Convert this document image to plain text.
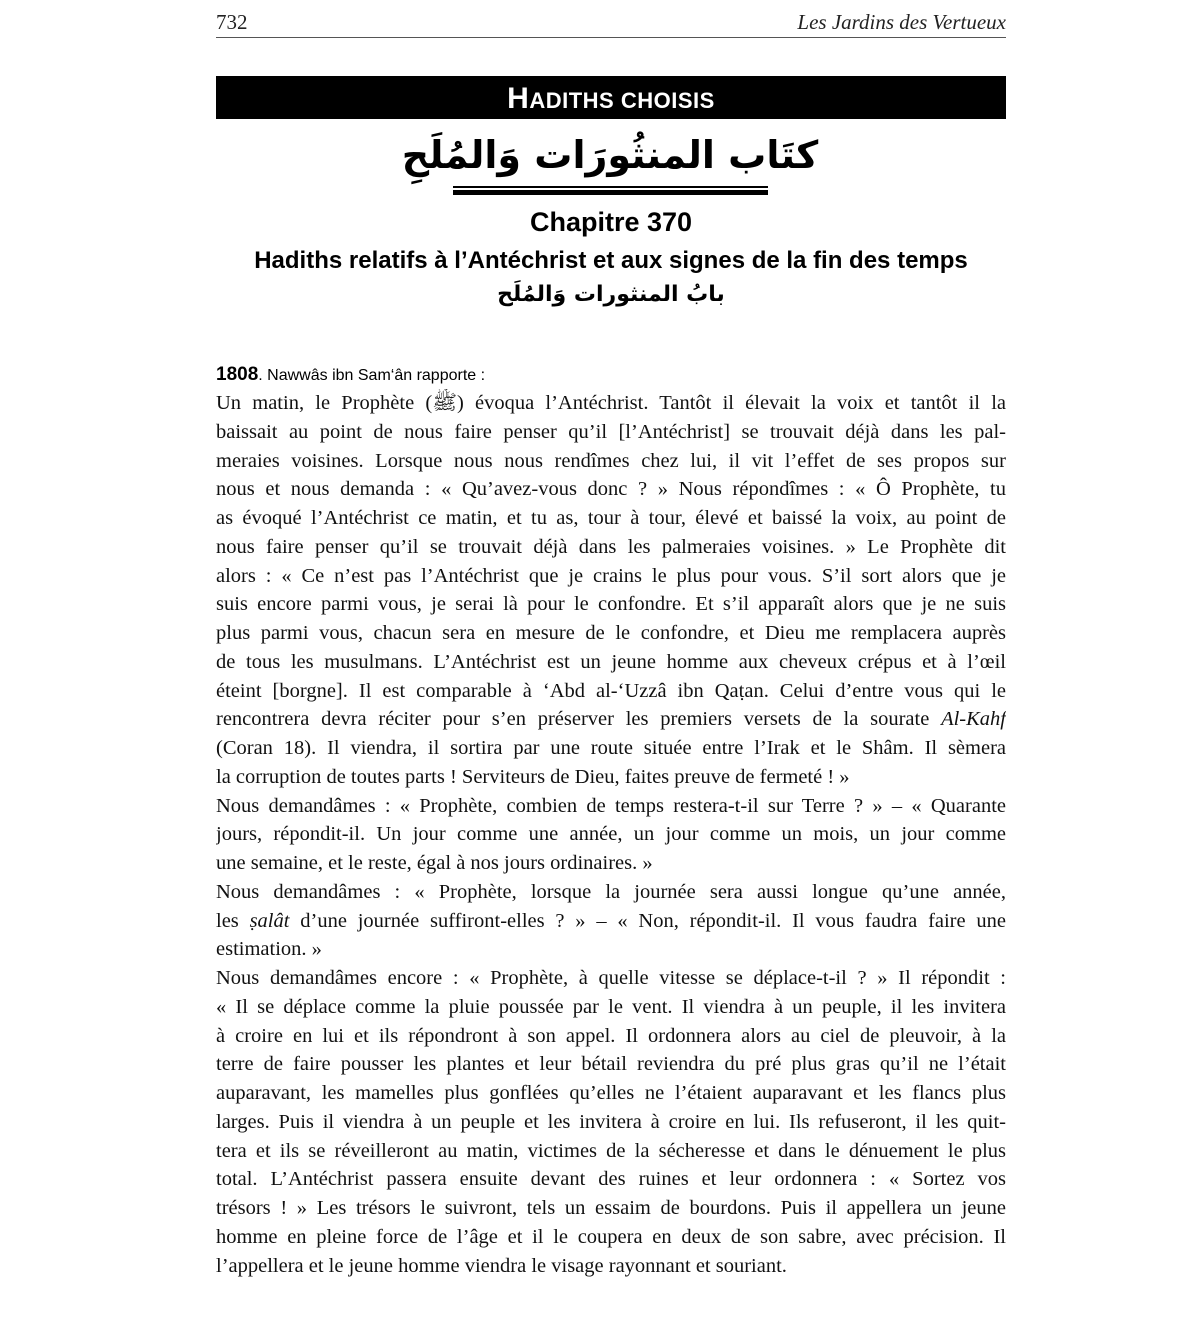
732	Les Jardins des Vertueux
HADITHS CHOISIS
كتَاب المنثُورَات وَالمُلَحِ
Chapitre 370
Hadiths relatifs à l’Antéchrist et aux signes de la fin des temps
بابُ المنثورات وَالمُلَح
1808. Nawwâs ibn Sam‘ân rapporte :
Un matin, le Prophète (ﷺ) évoqua l’Antéchrist. Tantôt il élevait la voix et tantôt il la
baissait au point de nous faire penser qu’il [l’Antéchrist] se trouvait déjà dans les pal-
meraies voisines. Lorsque nous nous rendîmes chez lui, il vit l’effet de ses propos sur
nous et nous demanda : « Qu’avez-vous donc ? » Nous répondîmes : « Ô Prophète, tu
as évoqué l’Antéchrist ce matin, et tu as, tour à tour, élevé et baissé la voix, au point de
nous faire penser qu’il se trouvait déjà dans les palmeraies voisines. » Le Prophète dit
alors : « Ce n’est pas l’Antéchrist que je crains le plus pour vous. S’il sort alors que je
suis encore parmi vous, je serai là pour le confondre. Et s’il apparaît alors que je ne suis
plus parmi vous, chacun sera en mesure de le confondre, et Dieu me remplacera auprès
de tous les musulmans. L’Antéchrist est un jeune homme aux cheveux crépus et à l’œil
éteint [borgne]. Il est comparable à ‘Abd al-‘Uzzâ ibn Qaṭan. Celui d’entre vous qui le
rencontrera devra réciter pour s’en préserver les premiers versets de la sourate Al-Kahf
(Coran 18). Il viendra, il sortira par une route située entre l’Irak et le Shâm. Il sèmera
la corruption de toutes parts ! Serviteurs de Dieu, faites preuve de fermeté ! »
Nous demandâmes : « Prophète, combien de temps restera-t-il sur Terre ? » – « Quarante
jours, répondit-il. Un jour comme une année, un jour comme un mois, un jour comme
une semaine, et le reste, égal à nos jours ordinaires. »
Nous demandâmes : « Prophète, lorsque la journée sera aussi longue qu’une année,
les ṣalât d’une journée suffiront-elles ? » – « Non, répondit-il. Il vous faudra faire une
estimation. »
Nous demandâmes encore : « Prophète, à quelle vitesse se déplace-t-il ? » Il répondit :
« Il se déplace comme la pluie poussée par le vent. Il viendra à un peuple, il les invitera
à croire en lui et ils répondront à son appel. Il ordonnera alors au ciel de pleuvoir, à la
terre de faire pousser les plantes et leur bétail reviendra du pré plus gras qu’il ne l’était
auparavant, les mamelles plus gonflées qu’elles ne l’étaient auparavant et les flancs plus
larges. Puis il viendra à un peuple et les invitera à croire en lui. Ils refuseront, il les quit-
tera et ils se réveilleront au matin, victimes de la sécheresse et dans le dénuement le plus
total. L’Antéchrist passera ensuite devant des ruines et leur ordonnera : « Sortez vos
trésors ! » Les trésors le suivront, tels un essaim de bourdons. Puis il appellera un jeune
homme en pleine force de l’âge et il le coupera en deux de son sabre, avec précision. Il
l’appellera et le jeune homme viendra le visage rayonnant et souriant.
